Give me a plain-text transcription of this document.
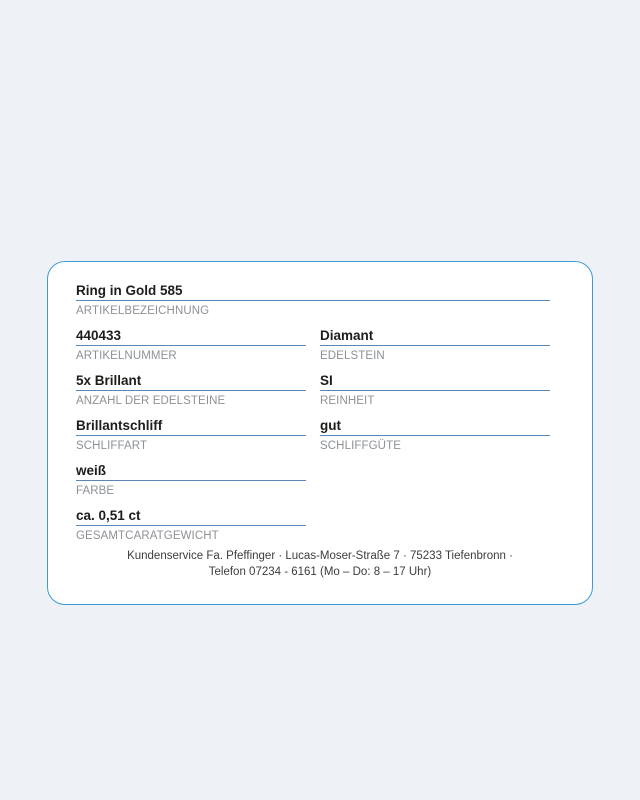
Ring in Gold 585
ARTIKELBEZEICHNUNG
440433
ARTIKELNUMMER
Diamant
EDELSTEIN
5x Brillant
ANZAHL DER EDELSTEINE
SI
REINHEIT
Brillantschliff
SCHLIFFART
gut
SCHLIFFGÜTE
weiß
FARBE
ca. 0,51 ct
GESAMTCARATGEWICHT
Kundenservice Fa. Pfeffinger · Lucas-Moser-Straße 7 · 75233 Tiefenbronn ·
Telefon 07234 - 6161 (Mo – Do: 8 – 17 Uhr)
